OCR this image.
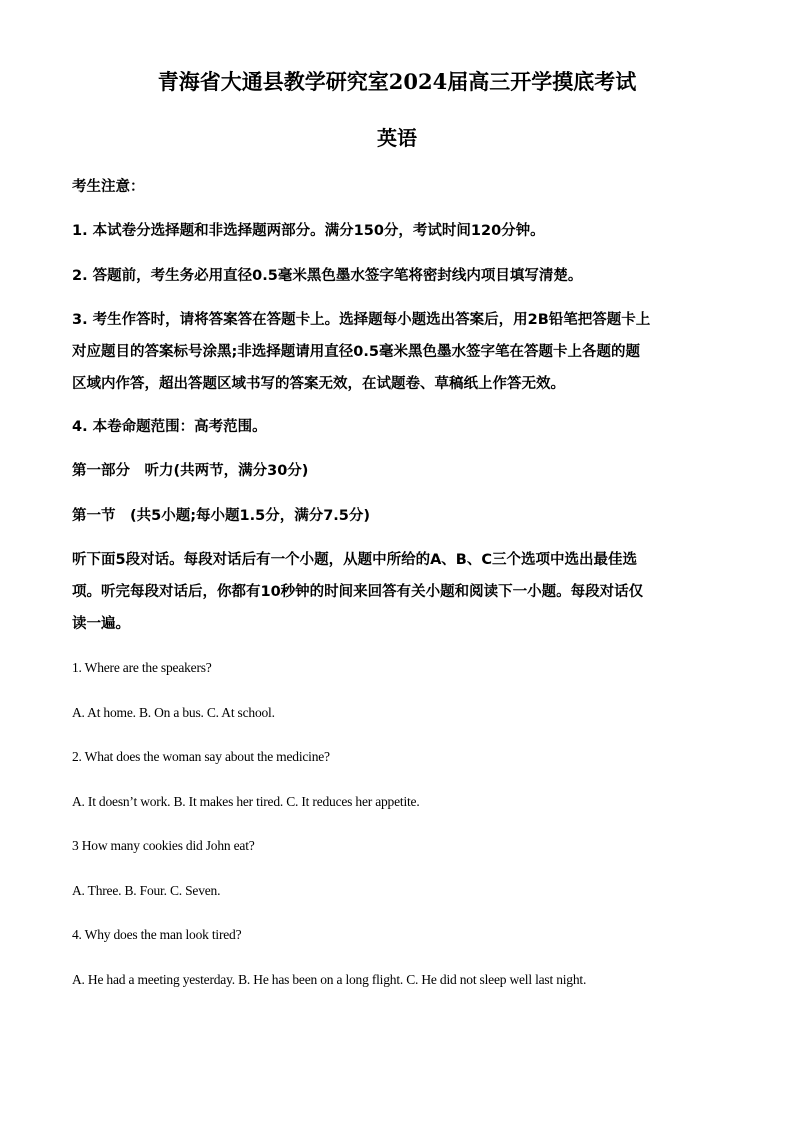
青海省大通县教学研究室2024届高三开学摸底考试
英语
考生注意：
1. 本试卷分选择题和非选择题两部分。满分150分，考试时间120分钟。
2. 答题前，考生务必用直径0.5毫米黑色墨水签字笔将密封线内项目填写清楚。
3. 考生作答时，请将答案答在答题卡上。选择题每小题选出答案后，用2B铅笔把答题卡上
对应题目的答案标号涂黑;非选择题请用直径0.5毫米黑色墨水签字笔在答题卡上各题的题
区域内作答，超出答题区域书写的答案无效，在试题卷、草稿纸上作答无效。
4. 本卷命题范围：高考范围。
第一部分　听力(共两节，满分30分)
第一节　(共5小题;每小题1.5分，满分7.5分)
听下面5段对话。每段对话后有一个小题，从题中所给的A、B、C三个选项中选出最佳选
项。听完每段对话后，你都有10秒钟的时间来回答有关小题和阅读下一小题。每段对话仅
读一遍。
1. Where are the speakers?
A. At home. B. On a bus. C. At school.
2. What does the woman say about the medicine?
A. It doesn’t work. B. It makes her tired. C. It reduces her appetite.
3 How many cookies did John eat?
A. Three. B. Four. C. Seven.
4. Why does the man look tired?
A. He had a meeting yesterday. B. He has been on a long flight. C. He did not sleep well last night.
